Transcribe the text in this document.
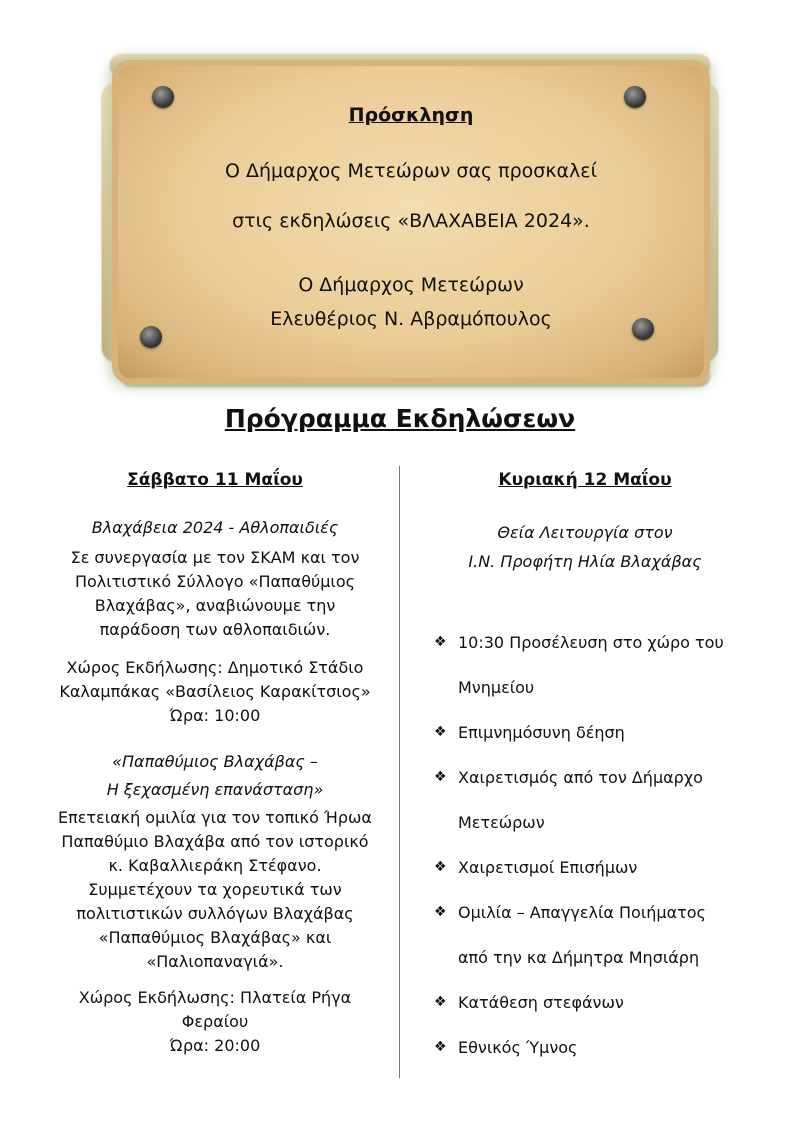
Πρόσκληση
Ο Δήμαρχος Μετεώρων σας προσκαλεί
στις εκδηλώσεις «ΒΛΑΧΑΒΕΙΑ 2024».
Ο Δήμαρχος Μετεώρων
Ελευθέριος Ν. Αβραμόπουλος
Πρόγραμμα Εκδηλώσεων
Σάββατο 11 Μαΐου
Βλαχάβεια 2024 - Αθλοπαιδιές
Σε συνεργασία με τον ΣΚΑΜ και τον
Πολιτιστικό Σύλλογο «Παπαθύμιος
Βλαχάβας», αναβιώνουμε την
παράδοση των αθλοπαιδιών.
Χώρος Εκδήλωσης: Δημοτικό Στάδιο
Καλαμπάκας «Βασίλειος Καρακίτσιος»
Ώρα: 10:00
«Παπαθύμιος Βλαχάβας –
Η ξεχασμένη επανάσταση»
Επετειακή ομιλία για τον τοπικό Ήρωα
Παπαθύμιο Βλαχάβα από τον ιστορικό
κ. Καβαλλιεράκη Στέφανο.
Συμμετέχουν τα χορευτικά των
πολιτιστικών συλλόγων Βλαχάβας
«Παπαθύμιος Βλαχάβας» και
«Παλιοπαναγιά».
Χώρος Εκδήλωσης: Πλατεία Ρήγα
Φεραίου
Ώρα: 20:00
Κυριακή 12 Μαΐου
Θεία Λειτουργία στον
Ι.Ν. Προφήτη Ηλία Βλαχάβας
❖ 10:30 Προσέλευση στο χώρο του
Μνημείου
❖ Επιμνημόσυνη δέηση
❖ Χαιρετισμός από τον Δήμαρχο
Μετεώρων
❖ Χαιρετισμοί Επισήμων
❖ Ομιλία – Απαγγελία Ποιήματος
από την κα Δήμητρα Μησιάρη
❖ Κατάθεση στεφάνων
❖ Εθνικός Ύμνος
